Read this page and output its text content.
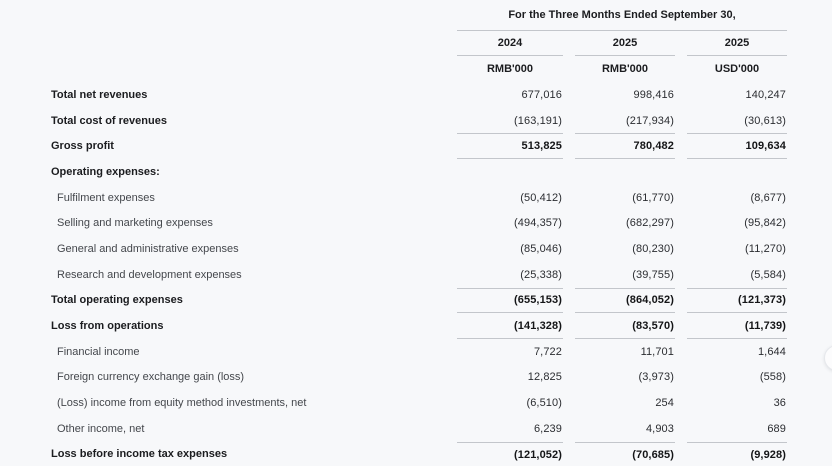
For the Three Months Ended September 30,
2024	2025	2025
RMB'000	RMB'000	USD'000
Total net revenues	677,016	998,416	140,247
Total cost of revenues	(163,191)	(217,934)	(30,613)
Gross profit	513,825	780,482	109,634
Operating expenses:
Fulfilment expenses	(50,412)	(61,770)	(8,677)
Selling and marketing expenses	(494,357)	(682,297)	(95,842)
General and administrative expenses	(85,046)	(80,230)	(11,270)
Research and development expenses	(25,338)	(39,755)	(5,584)
Total operating expenses	(655,153)	(864,052)	(121,373)
Loss from operations	(141,328)	(83,570)	(11,739)
Financial income	7,722	11,701	1,644
Foreign currency exchange gain (loss)	12,825	(3,973)	(558)
(Loss) income from equity method investments, net	(6,510)	254	36
Other income, net	6,239	4,903	689
Loss before income tax expenses	(121,052)	(70,685)	(9,928)
